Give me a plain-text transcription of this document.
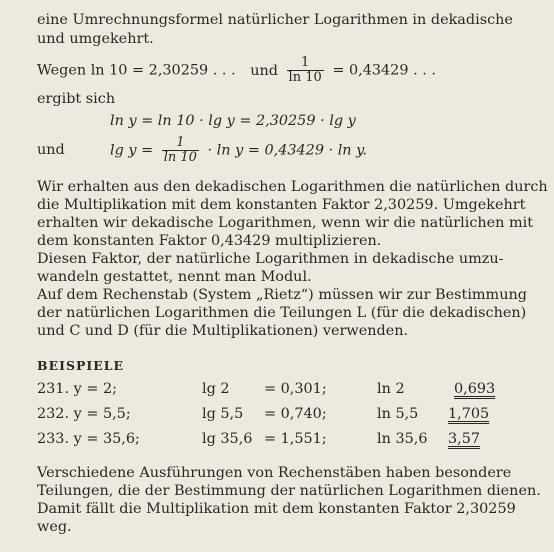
eine Umrechnungsformel natürlicher Logarithmen in dekadische
und umgekehrt.
Wegen ln 10 = 2,30259 . . . und $\frac{1}{\ln 10} = 0,43429$ . . .
ergibt sich
ln y = ln 10 · lg y = 2,30259 · lg y
und	$\lg y = \frac{1}{\ln 10} \cdot \ln y = 0,43429 \cdot \ln y$.
Wir erhalten aus den dekadischen Logarithmen die natürlichen durch
die Multiplikation mit dem konstanten Faktor 2,30259. Umgekehrt
erhalten wir dekadische Logarithmen, wenn wir die natürlichen mit
dem konstanten Faktor 0,43429 multiplizieren.
Diesen Faktor, der natürliche Logarithmen in dekadische umzu-
wandeln gestattet, nennt man Modul.
Auf dem Rechenstab (System „Rietz“) müssen wir zur Bestimmung
der natürlichen Logarithmen die Teilungen L (für die dekadischen)
und C und D (für die Multiplikationen) verwenden.
BEISPIELE
231. y = 2;	lg 2 = 0,301;	ln 2	0,693
232. y = 5,5;	lg 5,5 = 0,740;	ln 5,5 1,705
233. y = 35,6;	lg 35,6 = 1,551;	ln 35,6 3,57
Verschiedene Ausführungen von Rechenstäben haben besondere
Teilungen, die der Bestimmung der natürlichen Logarithmen dienen.
Damit fällt die Multiplikation mit dem konstanten Faktor 2,30259
weg.
